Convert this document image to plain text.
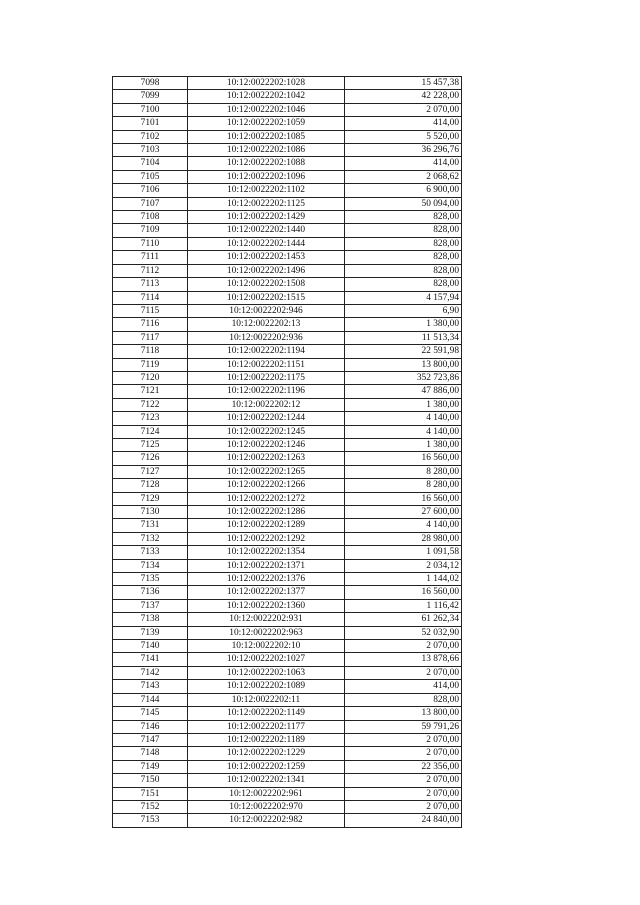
7098	10:12:0022202:1028	15 457,38
7099	10:12:0022202:1042	42 228,00
7100	10:12:0022202:1046	2 070,00
7101	10:12:0022202:1059	414,00
7102	10:12:0022202:1085	5 520,00
7103	10:12:0022202:1086	36 296,76
7104	10:12:0022202:1088	414,00
7105	10:12:0022202:1096	2 068,62
7106	10:12:0022202:1102	6 900,00
7107	10:12:0022202:1125	50 094,00
7108	10:12:0022202:1429	828,00
7109	10:12:0022202:1440	828,00
7110	10:12:0022202:1444	828,00
7111	10:12:0022202:1453	828,00
7112	10:12:0022202:1496	828,00
7113	10:12:0022202:1508	828,00
7114	10:12:0022202:1515	4 157,94
7115	10:12:0022202:946	6,90
7116	10:12:0022202:13	1 380,00
7117	10:12:0022202:936	11 513,34
7118	10:12:0022202:1194	22 591,98
7119	10:12:0022202:1151	13 800,00
7120	10:12:0022202:1175	352 723,86
7121	10:12:0022202:1196	47 886,00
7122	10:12:0022202:12	1 380,00
7123	10:12:0022202:1244	4 140,00
7124	10:12:0022202:1245	4 140,00
7125	10:12:0022202:1246	1 380,00
7126	10:12:0022202:1263	16 560,00
7127	10:12:0022202:1265	8 280,00
7128	10:12:0022202:1266	8 280,00
7129	10:12:0022202:1272	16 560,00
7130	10:12:0022202:1286	27 600,00
7131	10:12:0022202:1289	4 140,00
7132	10:12:0022202:1292	28 980,00
7133	10:12:0022202:1354	1 091,58
7134	10:12:0022202:1371	2 034,12
7135	10:12:0022202:1376	1 144,02
7136	10:12:0022202:1377	16 560,00
7137	10:12:0022202:1360	1 116,42
7138	10:12:0022202:931	61 262,34
7139	10:12:0022202:963	52 032,90
7140	10:12:0022202:10	2 070,00
7141	10:12:0022202:1027	13 878,66
7142	10:12:0022202:1063	2 070,00
7143	10:12:0022202:1089	414,00
7144	10:12:0022202:11	828,00
7145	10:12:0022202:1149	13 800,00
7146	10:12:0022202:1177	59 791,26
7147	10:12:0022202:1189	2 070,00
7148	10:12:0022202:1229	2 070,00
7149	10:12:0022202:1259	22 356,00
7150	10:12:0022202:1341	2 070,00
7151	10:12:0022202:961	2 070,00
7152	10:12:0022202:970	2 070,00
7153	10:12:0022202:982	24 840,00
